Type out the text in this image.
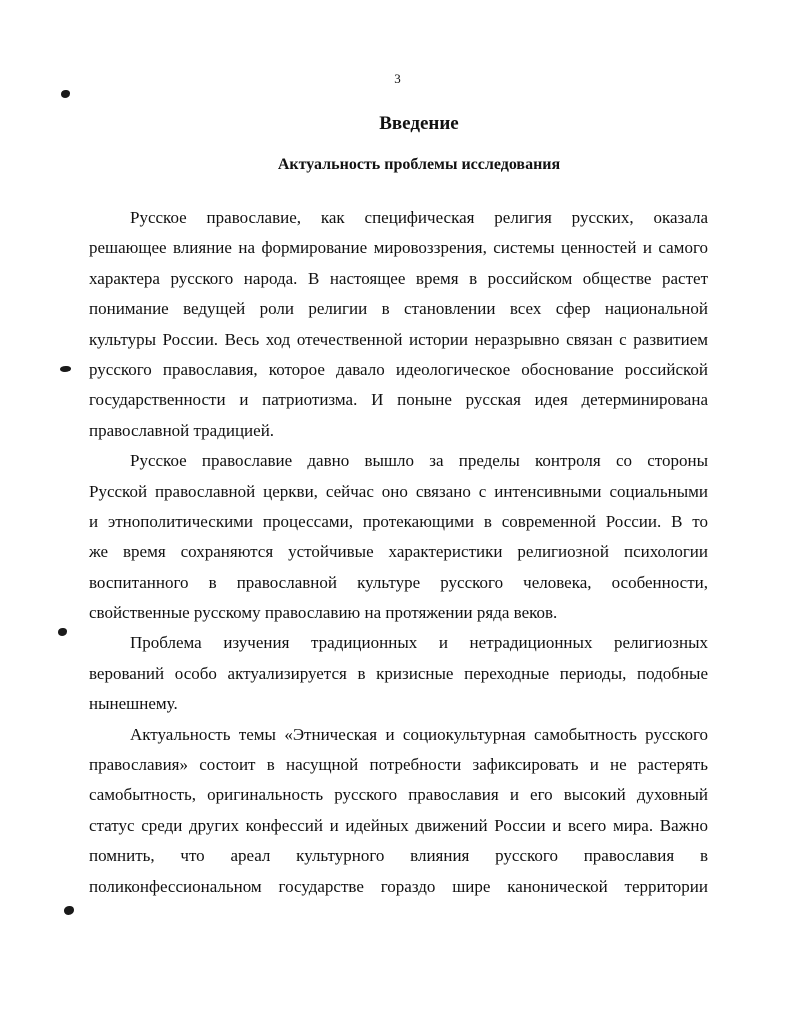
3
Введение
Актуальность проблемы исследования
Русское православие, как специфическая религия русских, оказала
решающее влияние на формирование мировоззрения, системы ценностей и самого
характера русского народа. В настоящее время в российском обществе растет
понимание ведущей роли религии в становлении всех сфер национальной
культуры России. Весь ход отечественной истории неразрывно связан с развитием
русского православия, которое давало идеологическое обоснование российской
государственности и патриотизма. И поныне русская идея детерминирована
православной традицией.
Русское православие давно вышло за пределы контроля со стороны
Русской православной церкви, сейчас оно связано с интенсивными социальными
и этнополитическими процессами, протекающими в современной России. В то
же время сохраняются устойчивые характеристики религиозной психологии
воспитанного в православной культуре русского человека, особенности,
свойственные русскому православию на протяжении ряда веков.
Проблема изучения традиционных и нетрадиционных религиозных
верований особо актуализируется в кризисные переходные периоды, подобные
нынешнему.
Актуальность темы «Этническая и социокультурная самобытность русского
православия» состоит в насущной потребности зафиксировать и не растерять
самобытность, оригинальность русского православия и его высокий духовный
статус среди других конфессий и идейных движений России и всего мира. Важно
помнить, что ареал культурного влияния русского православия в
поликонфессиональном государстве гораздо шире канонической территории
